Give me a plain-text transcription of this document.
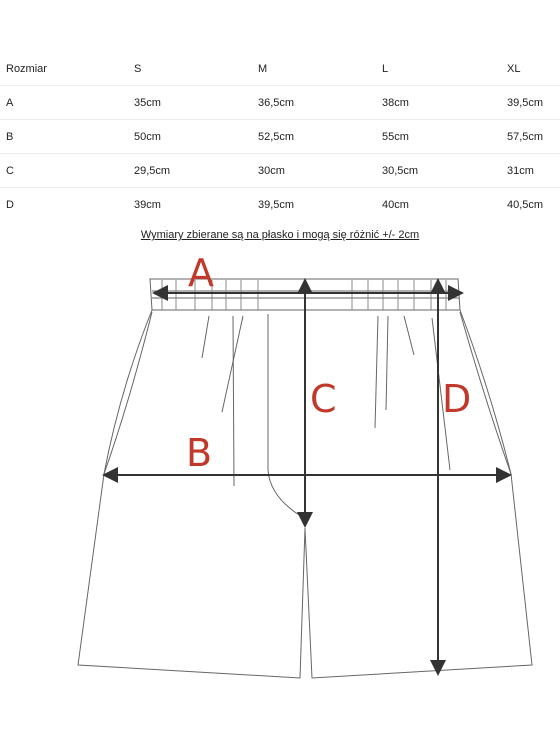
Rozmiar	S	M	L	XL
A	35cm	36,5cm	38cm	39,5cm
B	50cm	52,5cm	55cm	57,5cm
C	29,5cm	30cm	30,5cm	31cm
D	39cm	39,5cm	40cm	40,5cm
Wymiary zbierane są na płasko i mogą się różnić +/- 2cm
A
B
C	D
